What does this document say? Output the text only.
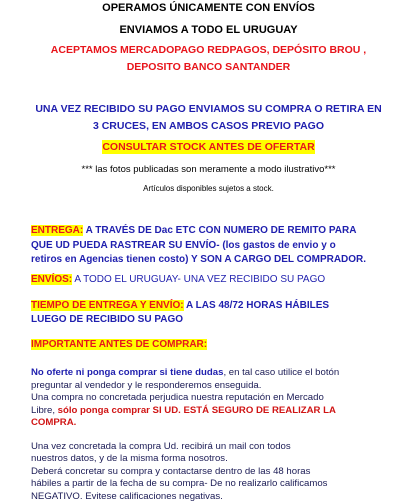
OPERAMOS ÚNICAMENTE CON ENVÍOS
ENVIAMOS A TODO EL URUGUAY
ACEPTAMOS MERCADOPAGO REDPAGOS, DEPÓSITO BROU ,
DEPOSITO BANCO SANTANDER
UNA VEZ RECIBIDO SU PAGO ENVIAMOS SU COMPRA O RETIRA EN
3 CRUCES, EN AMBOS CASOS PREVIO PAGO
CONSULTAR STOCK ANTES DE OFERTAR
*** las fotos publicadas son meramente a modo ilustrativo***
Artículos disponibles sujetos a stock.
ENTREGA: A TRAVÉS DE Dac ETC CON NUMERO DE REMITO PARA
QUE UD PUEDA RASTREAR SU ENVÍO- (los gastos de envio y o
retiros en Agencias tienen costo) Y SON A CARGO DEL COMPRADOR.
ENVÍOS: A TODO EL URUGUAY- UNA VEZ RECIBIDO SU PAGO
TIEMPO DE ENTREGA Y ENVÍO: A LAS 48/72 HORAS HÁBILES
LUEGO DE RECIBIDO SU PAGO
IMPORTANTE ANTES DE COMPRAR:
No oferte ni ponga comprar si tiene dudas, en tal caso utilice el botón
preguntar al vendedor y le responderemos enseguida.
Una compra no concretada perjudica nuestra reputación en Mercado
Libre, sólo ponga comprar SI UD. ESTÁ SEGURO DE REALIZAR LA
COMPRA.
Una vez concretada la compra Ud. recibirá un mail con todos
nuestros datos, y de la misma forma nosotros.
Deberá concretar su compra y contactarse dentro de las 48 horas
hábiles a partir de la fecha de su compra- De no realizarlo calificamos
NEGATIVO. Evitese calificaciones negativas.
